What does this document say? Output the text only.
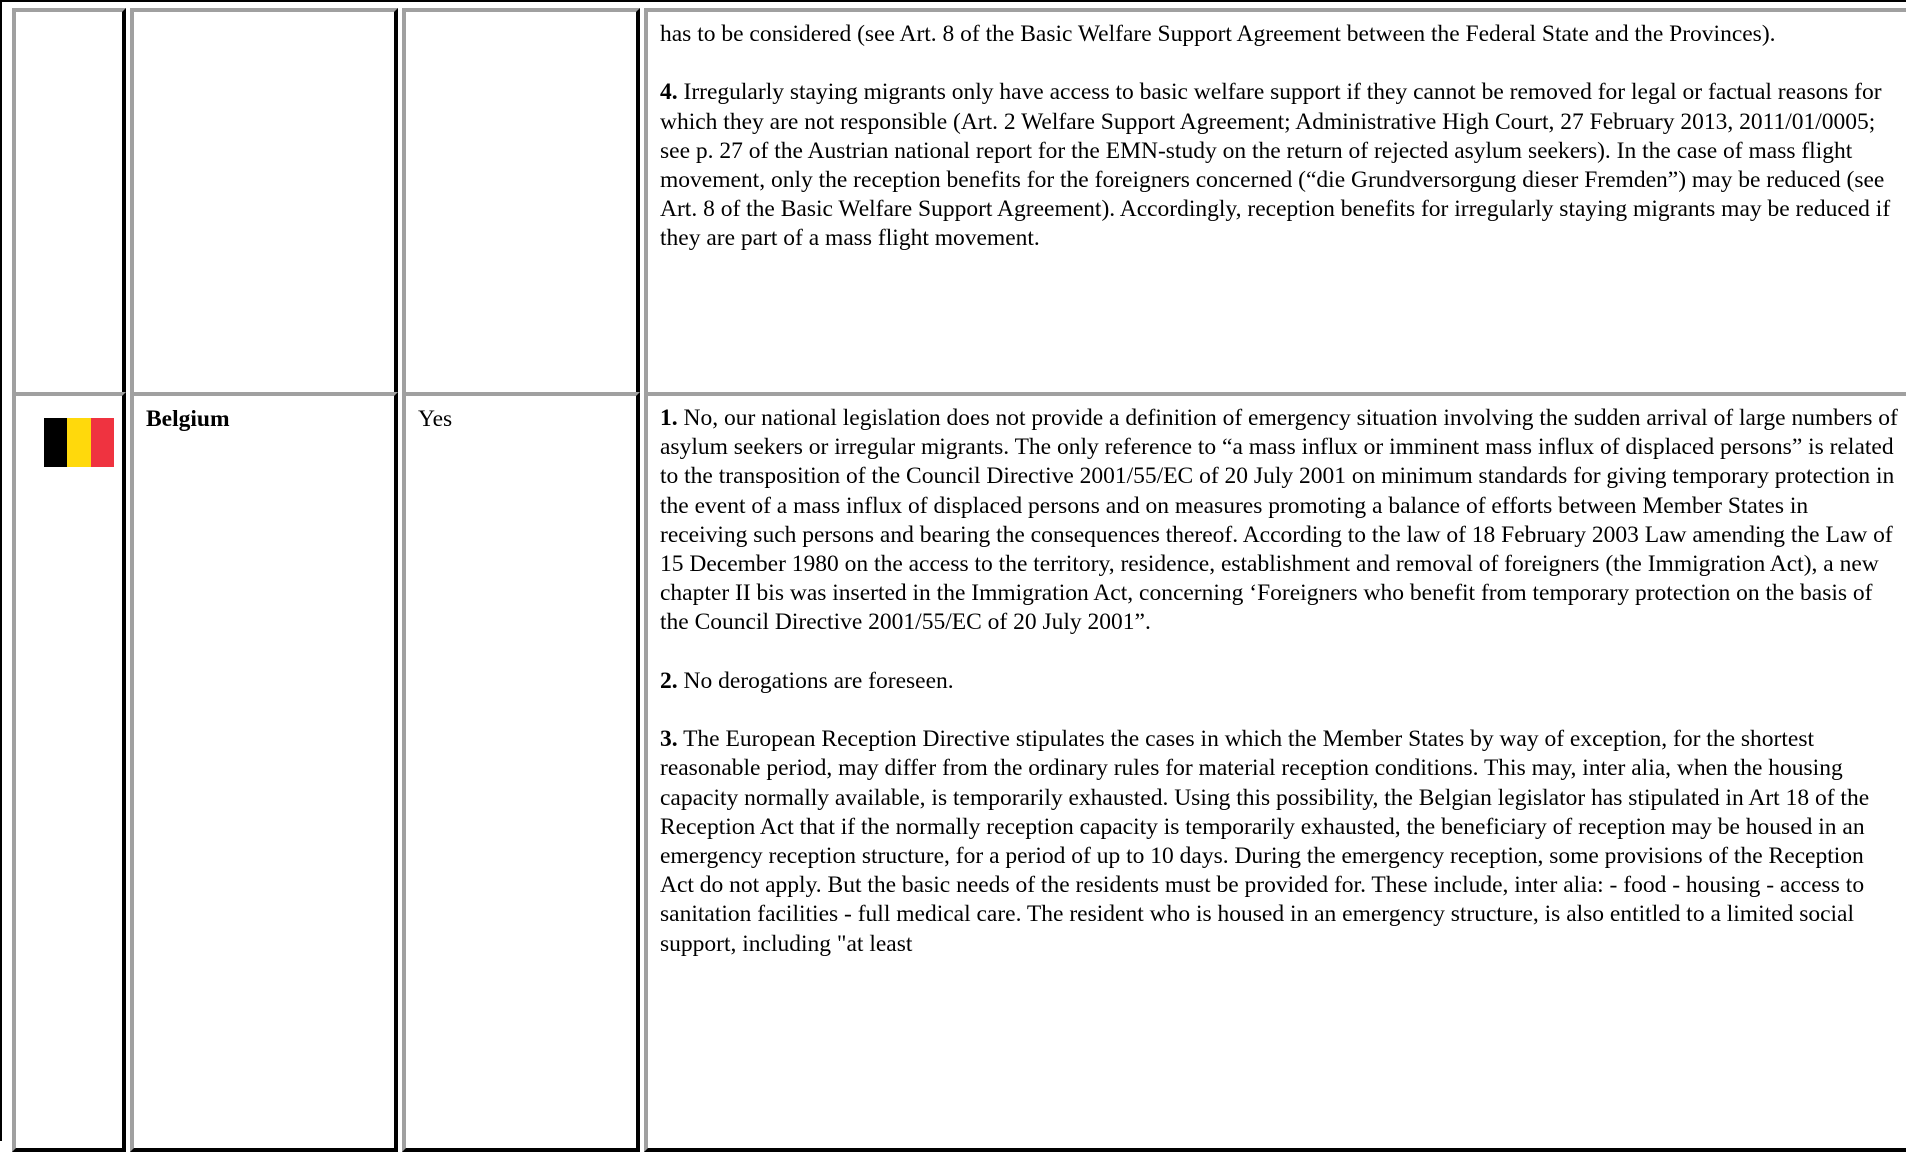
has to be considered (see Art. 8 of the Basic Welfare Support Agreement between the Federal State and the Provinces).

4. Irregularly staying migrants only have access to basic welfare support if they cannot be removed for legal or factual reasons for which they are not responsible (Art. 2 Welfare Support Agreement; Administrative High Court, 27 February 2013, 2011/01/0005; see p. 27 of the Austrian national report for the EMN-study on the return of rejected asylum seekers). In the case of mass flight movement, only the reception benefits for the foreigners concerned (“die Grundversorgung dieser Fremden”) may be reduced (see Art. 8 of the Basic Welfare Support Agreement). Accordingly, reception benefits for irregularly staying migrants may be reduced if they are part of a mass flight movement.

Belgium	Yes	1. No, our national legislation does not provide a definition of emergency situation involving the sudden arrival of large numbers of asylum seekers or irregular migrants. The only reference to “a mass influx or imminent mass influx of displaced persons” is related to the transposition of the Council Directive 2001/55/EC of 20 July 2001 on minimum standards for giving temporary protection in the event of a mass influx of displaced persons and on measures promoting a balance of efforts between Member States in receiving such persons and bearing the consequences thereof. According to the law of 18 February 2003 Law amending the Law of 15 December 1980 on the access to the territory, residence, establishment and removal of foreigners (the Immigration Act), a new chapter II bis was inserted in the Immigration Act, concerning ‘Foreigners who benefit from temporary protection on the basis of the Council Directive 2001/55/EC of 20 July 2001”.

2. No derogations are foreseen.

3. The European Reception Directive stipulates the cases in which the Member States by way of exception, for the shortest reasonable period, may differ from the ordinary rules for material reception conditions. This may, inter alia, when the housing capacity normally available, is temporarily exhausted. Using this possibility, the Belgian legislator has stipulated in Art 18 of the Reception Act that if the normally reception capacity is temporarily exhausted, the beneficiary of reception may be housed in an emergency reception structure, for a period of up to 10 days. During the emergency reception, some provisions of the Reception Act do not apply. But the basic needs of the residents must be provided for. These include, inter alia: - food - housing - access to sanitation facilities - full medical care. The resident who is housed in an emergency structure, is also entitled to a limited social support, including "at least
